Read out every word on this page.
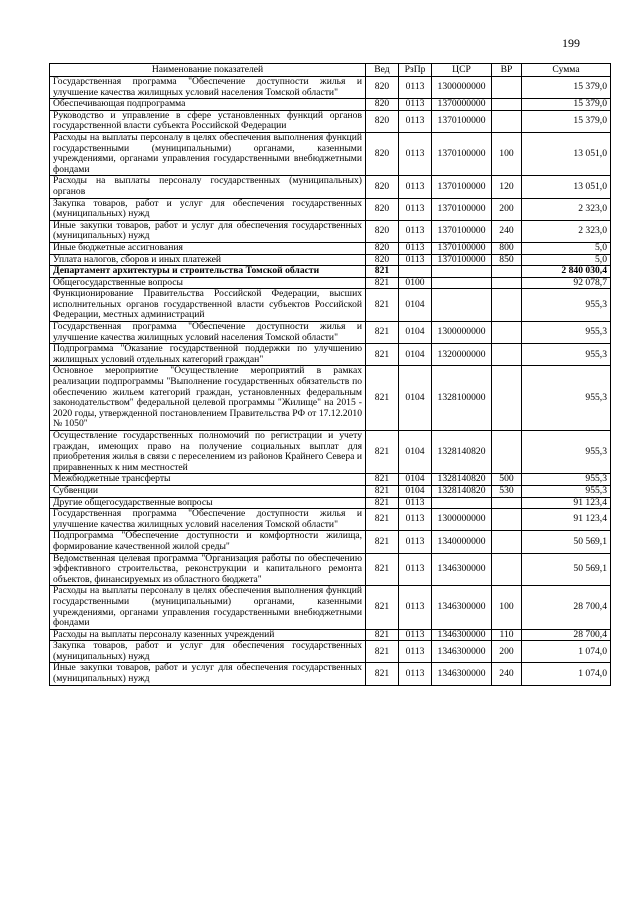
199
Наименование показателей	Вед	РзПр	ЦСР	ВР	Сумма
Государственная программа "Обеспечение доступности жилья и улучшение качества жилищных условий населения Томской области"	820	0113	1300000000		15 379,0
Обеспечивающая подпрограмма	820	0113	1370000000		15 379,0
Руководство и управление в сфере установленных функций органов государственной власти субъекта Российской Федерации	820	0113	1370100000		15 379,0
Расходы на выплаты персоналу в целях обеспечения выполнения функций государственными (муниципальными) органами, казенными учреждениями, органами управления государственными внебюджетными фондами	820	0113	1370100000	100	13 051,0
Расходы на выплаты персоналу государственных (муниципальных) органов	820	0113	1370100000	120	13 051,0
Закупка товаров, работ и услуг для обеспечения государственных (муниципальных) нужд	820	0113	1370100000	200	2 323,0
Иные закупки товаров, работ и услуг для обеспечения государственных (муниципальных) нужд	820	0113	1370100000	240	2 323,0
Иные бюджетные ассигнования	820	0113	1370100000	800	5,0
Уплата налогов, сборов и иных платежей	820	0113	1370100000	850	5,0
Департамент архитектуры и строительства Томской области	821				2 840 030,4
Общегосударственные вопросы	821	0100			92 078,7
Функционирование Правительства Российской Федерации, высших исполнительных органов государственной власти субъектов Российской Федерации, местных администраций	821	0104			955,3
Государственная программа "Обеспечение доступности жилья и улучшение качества жилищных условий населения Томской области"	821	0104	1300000000		955,3
Подпрограмма "Оказание государственной поддержки по улучшению жилищных условий отдельных категорий граждан"	821	0104	1320000000		955,3
Основное мероприятие "Осуществление мероприятий в рамках реализации подпрограммы "Выполнение государственных обязательств по обеспечению жильем категорий граждан, установленных федеральным законодательством" федеральной целевой программы "Жилище" на 2015 - 2020 годы, утвержденной постановлением Правительства РФ от 17.12.2010 № 1050"	821	0104	1328100000		955,3
Осуществление государственных полномочий по регистрации и учету граждан, имеющих право на получение социальных выплат для приобретения жилья в связи с переселением из районов Крайнего Севера и приравненных к ним местностей	821	0104	1328140820		955,3
Межбюджетные трансферты	821	0104	1328140820	500	955,3
Субвенции	821	0104	1328140820	530	955,3
Другие общегосударственные вопросы	821	0113			91 123,4
Государственная программа "Обеспечение доступности жилья и улучшение качества жилищных условий населения Томской области"	821	0113	1300000000		91 123,4
Подпрограмма "Обеспечение доступности и комфортности жилища, формирование качественной жилой среды"	821	0113	1340000000		50 569,1
Ведомственная целевая программа "Организация работы по обеспечению эффективного строительства, реконструкции и капитального ремонта объектов, финансируемых из областного бюджета"	821	0113	1346300000		50 569,1
Расходы на выплаты персоналу в целях обеспечения выполнения функций государственными (муниципальными) органами, казенными учреждениями, органами управления государственными внебюджетными фондами	821	0113	1346300000	100	28 700,4
Расходы на выплаты персоналу казенных учреждений	821	0113	1346300000	110	28 700,4
Закупка товаров, работ и услуг для обеспечения государственных (муниципальных) нужд	821	0113	1346300000	200	1 074,0
Иные закупки товаров, работ и услуг для обеспечения государственных (муниципальных) нужд	821	0113	1346300000	240	1 074,0
